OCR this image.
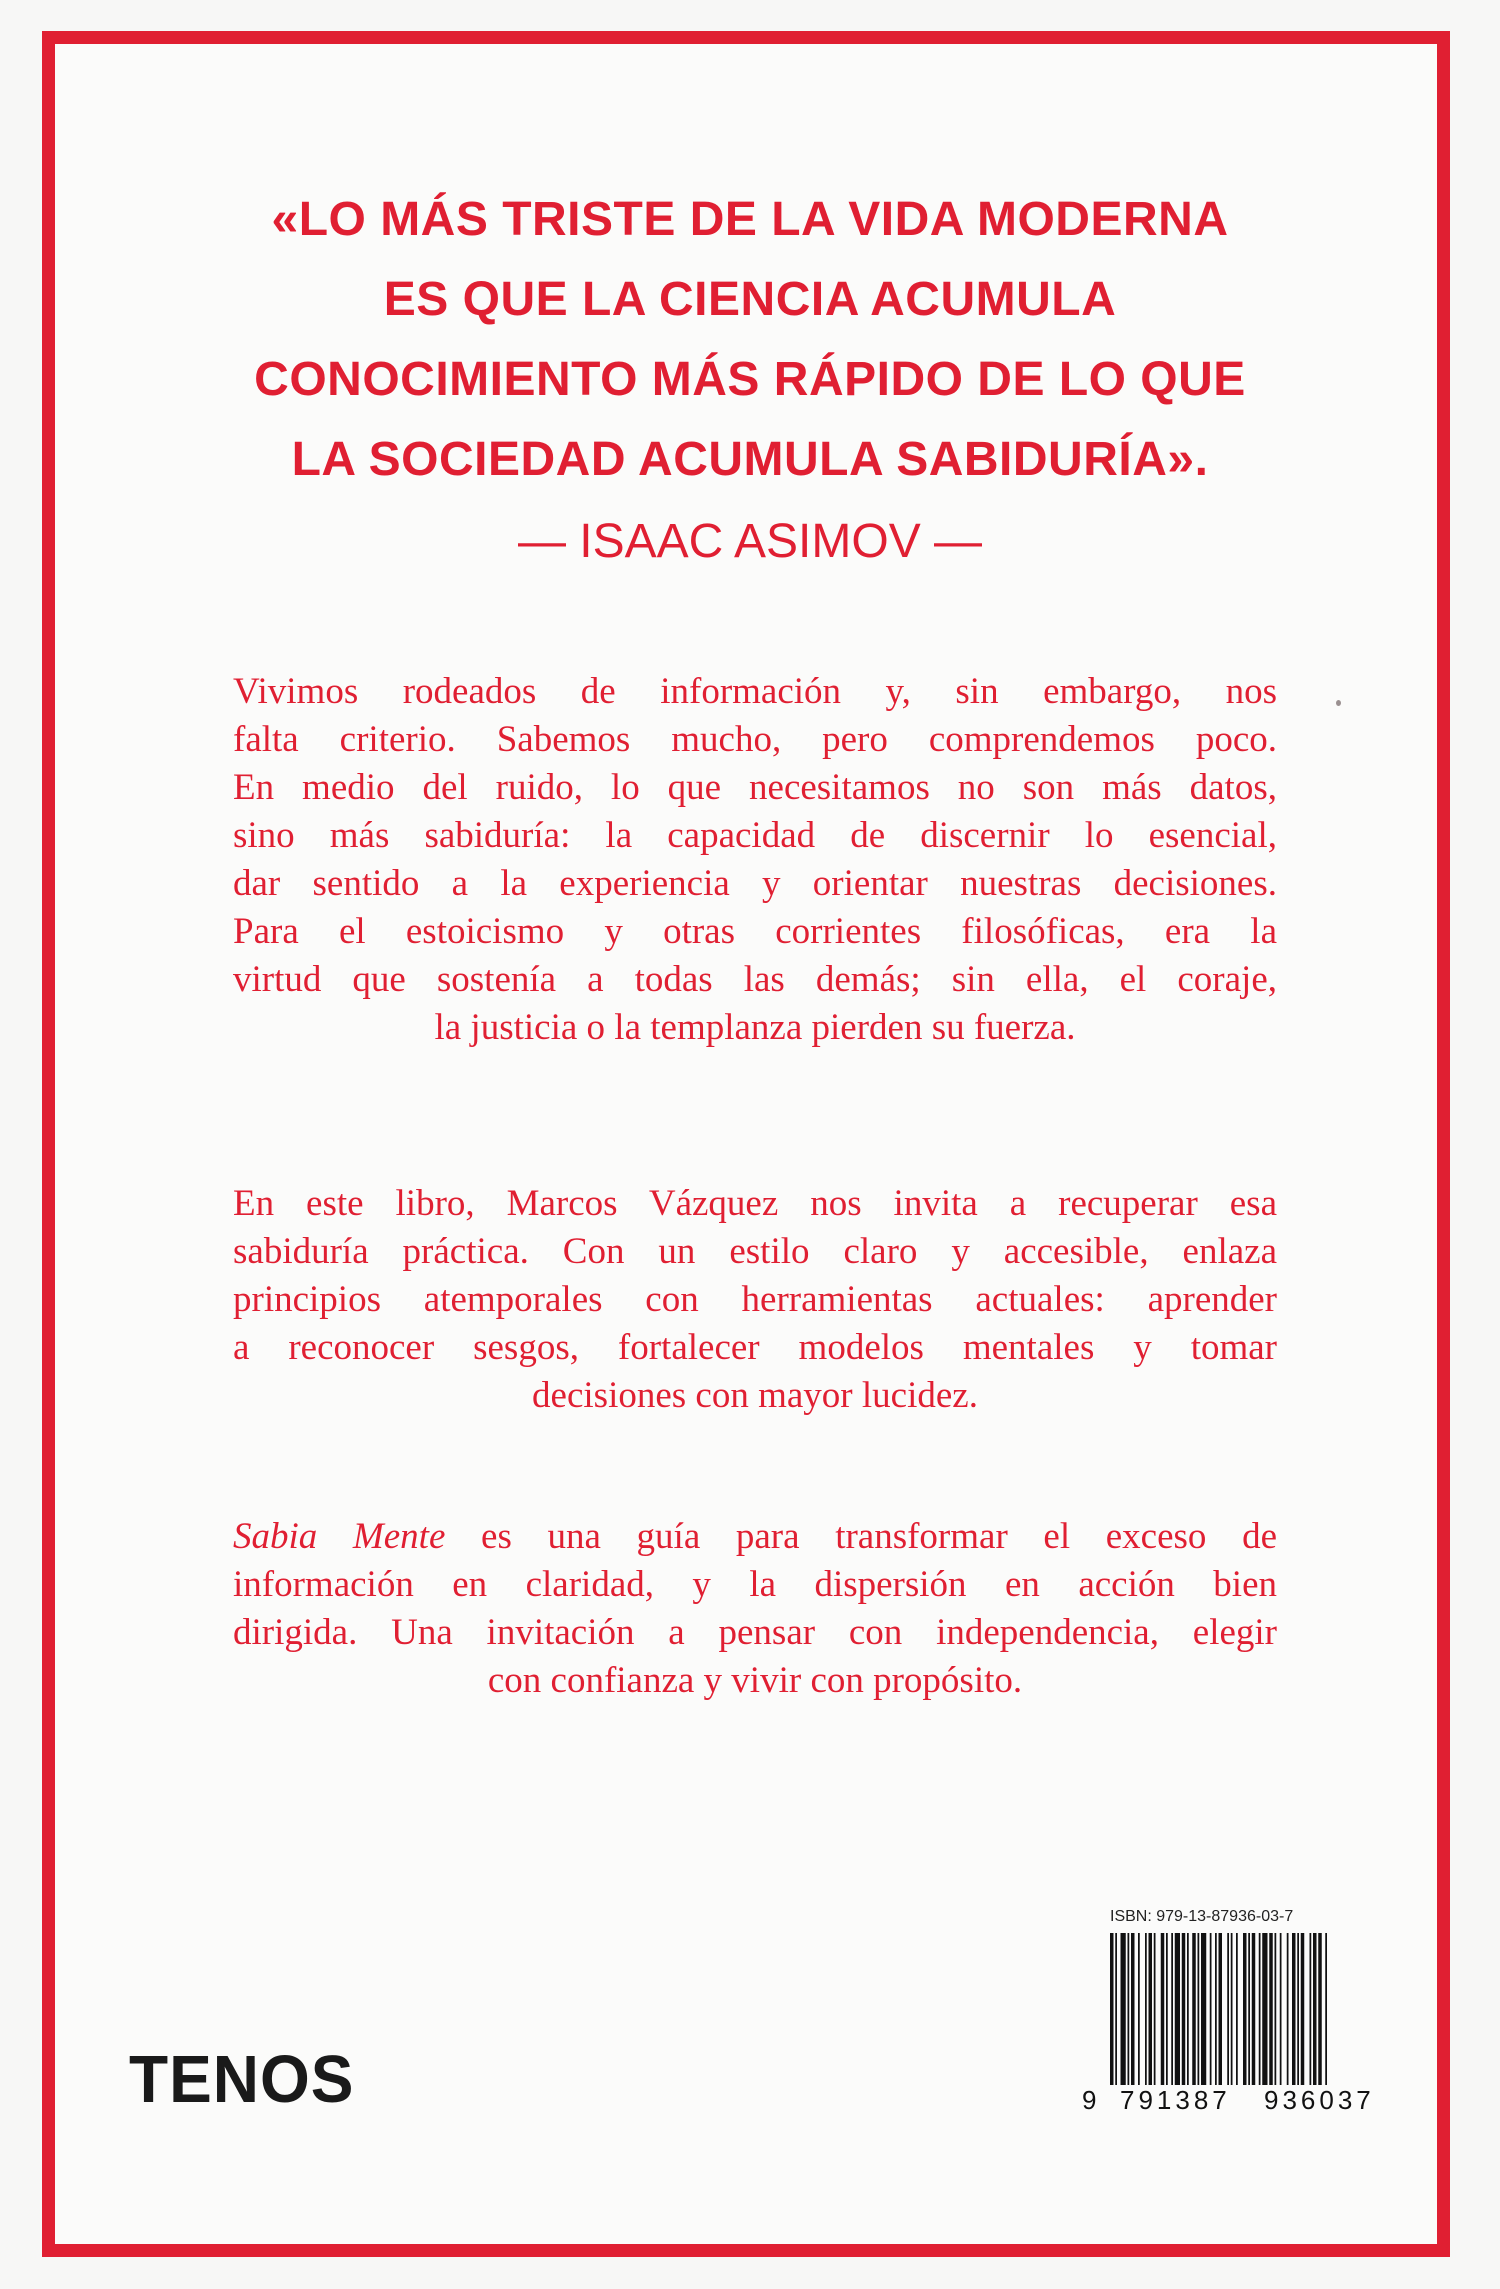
«LO MÁS TRISTE DE LA VIDA MODERNA
ES QUE LA CIENCIA ACUMULA
CONOCIMIENTO MÁS RÁPIDO DE LO QUE
LA SOCIEDAD ACUMULA SABIDURÍA».
— ISAAC ASIMOV —
Vivimos rodeados de información y, sin embargo, nos
falta criterio. Sabemos mucho, pero comprendemos poco.
En medio del ruido, lo que necesitamos no son más datos,
sino más sabiduría: la capacidad de discernir lo esencial,
dar sentido a la experiencia y orientar nuestras decisiones.
Para el estoicismo y otras corrientes filosóficas, era la
virtud que sostenía a todas las demás; sin ella, el coraje,
la justicia o la templanza pierden su fuerza.
En este libro, Marcos Vázquez nos invita a recuperar esa
sabiduría práctica. Con un estilo claro y accesible, enlaza
principios atemporales con herramientas actuales: aprender
a reconocer sesgos, fortalecer modelos mentales y tomar
decisiones con mayor lucidez.
Sabia Mente es una guía para transformar el exceso de
información en claridad, y la dispersión en acción bien
dirigida. Una invitación a pensar con independencia, elegir
con confianza y vivir con propósito.
ISBN: 979-13-87936-03-7
9 791387 936037
TENOS
